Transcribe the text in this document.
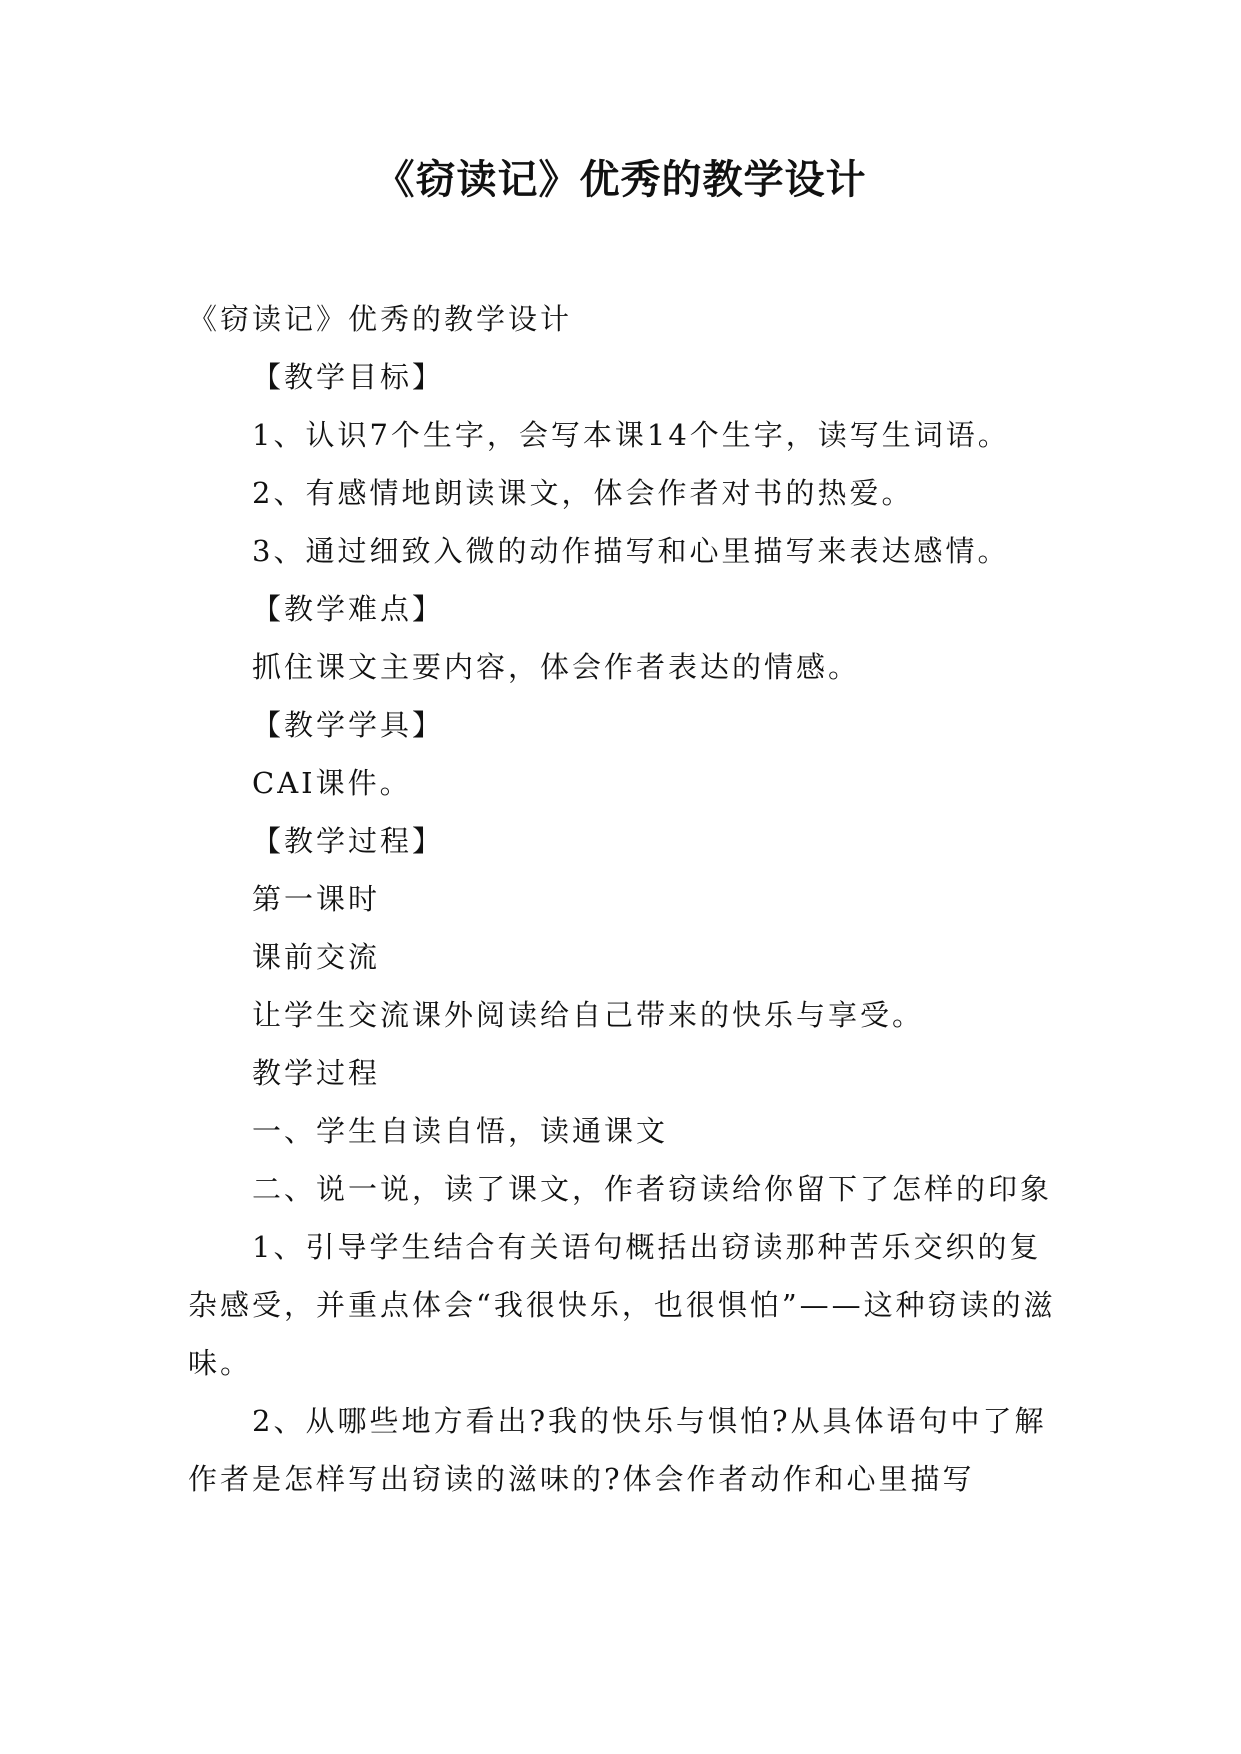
《窃读记》优秀的教学设计

《窃读记》优秀的教学设计

【教学目标】

1、认识7个生字，会写本课14个生字，读写生词语。

2、有感情地朗读课文，体会作者对书的热爱。

3、通过细致入微的动作描写和心里描写来表达感情。

【教学难点】

抓住课文主要内容，体会作者表达的情感。

【教学学具】

CAI课件。

【教学过程】

第一课时

课前交流

让学生交流课外阅读给自己带来的快乐与享受。

教学过程

一、学生自读自悟，读通课文

二、说一说，读了课文，作者窃读给你留下了怎样的印象

1、引导学生结合有关语句概括出窃读那种苦乐交织的复杂感受，并重点体会“我很快乐，也很惧怕”——这种窃读的滋味。

2、从哪些地方看出?我的快乐与惧怕?从具体语句中了解作者是怎样写出窃读的滋味的?体会作者动作和心里描写
